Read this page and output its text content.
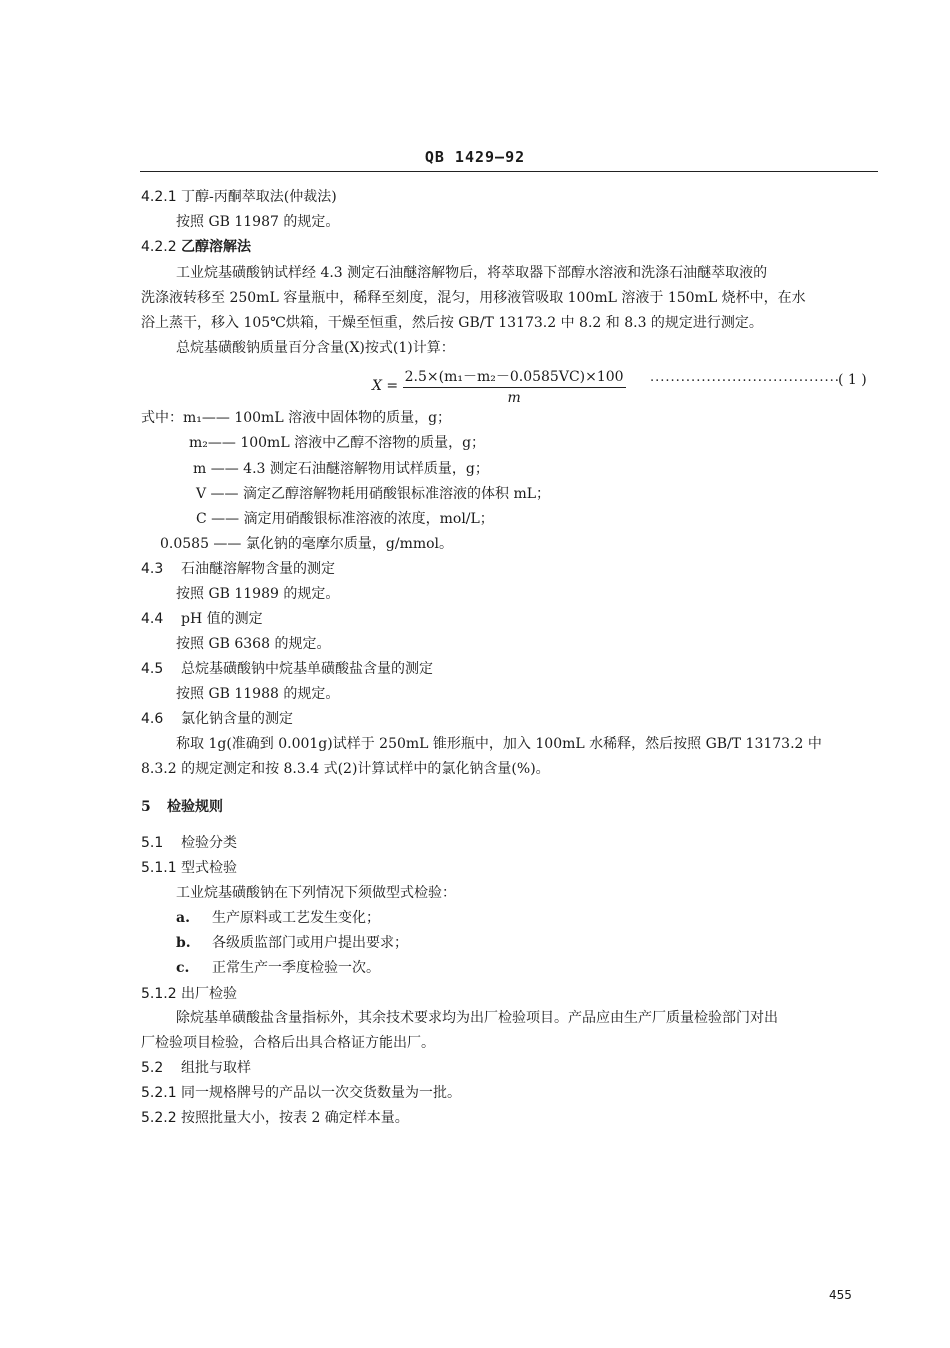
QB 1429—92
4.2.1 丁醇-丙酮萃取法(仲裁法)
按照 GB 11987 的规定。
4.2.2 乙醇溶解法
工业烷基磺酸钠试样经 4.3 测定石油醚溶解物后，将萃取器下部醇水溶液和洗涤石油醚萃取液的
洗涤液转移至 250mL 容量瓶中，稀释至刻度，混匀，用移液管吸取 100mL 溶液于 150mL 烧杯中，在水
浴上蒸干，移入 105℃烘箱，干燥至恒重，然后按 GB/T 13173.2 中 8.2 和 8.3 的规定进行测定。
总烷基磺酸钠质量百分含量(X)按式(1)计算：
$X = \frac{\text{2.5×(m₁－m₂－0.0585VC)×100}}{m}$ .....................................
( 1 )
式中：m₁—— 100mL 溶液中固体物的质量，g；
m₂—— 100mL 溶液中乙醇不溶物的质量，g；
m —— 4.3 测定石油醚溶解物用试样质量，g；
V —— 滴定乙醇溶解物耗用硝酸银标准溶液的体积 mL；
C —— 滴定用硝酸银标准溶液的浓度，mol/L；
0.0585 —— 氯化钠的毫摩尔质量，g/mmol。
4.3 石油醚溶解物含量的测定
按照 GB 11989 的规定。
4.4 pH 值的测定
按照 GB 6368 的规定。
4.5 总烷基磺酸钠中烷基单磺酸盐含量的测定
按照 GB 11988 的规定。
4.6 氯化钠含量的测定
称取 1g(准确到 0.001g)试样于 250mL 锥形瓶中，加入 100mL 水稀释，然后按照 GB/T 13173.2 中
8.3.2 的规定测定和按 8.3.4 式(2)计算试样中的氯化钠含量(%)。
5 检验规则
5.1 检验分类
5.1.1 型式检验
工业烷基磺酸钠在下列情况下须做型式检验：
a. 生产原料或工艺发生变化；
b. 各级质监部门或用户提出要求；
c. 正常生产一季度检验一次。
5.1.2 出厂检验
除烷基单磺酸盐含量指标外，其余技术要求均为出厂检验项目。产品应由生产厂质量检验部门对出
厂检验项目检验，合格后出具合格证方能出厂。
5.2 组批与取样
5.2.1 同一规格牌号的产品以一次交货数量为一批。
5.2.2 按照批量大小，按表 2 确定样本量。
455
